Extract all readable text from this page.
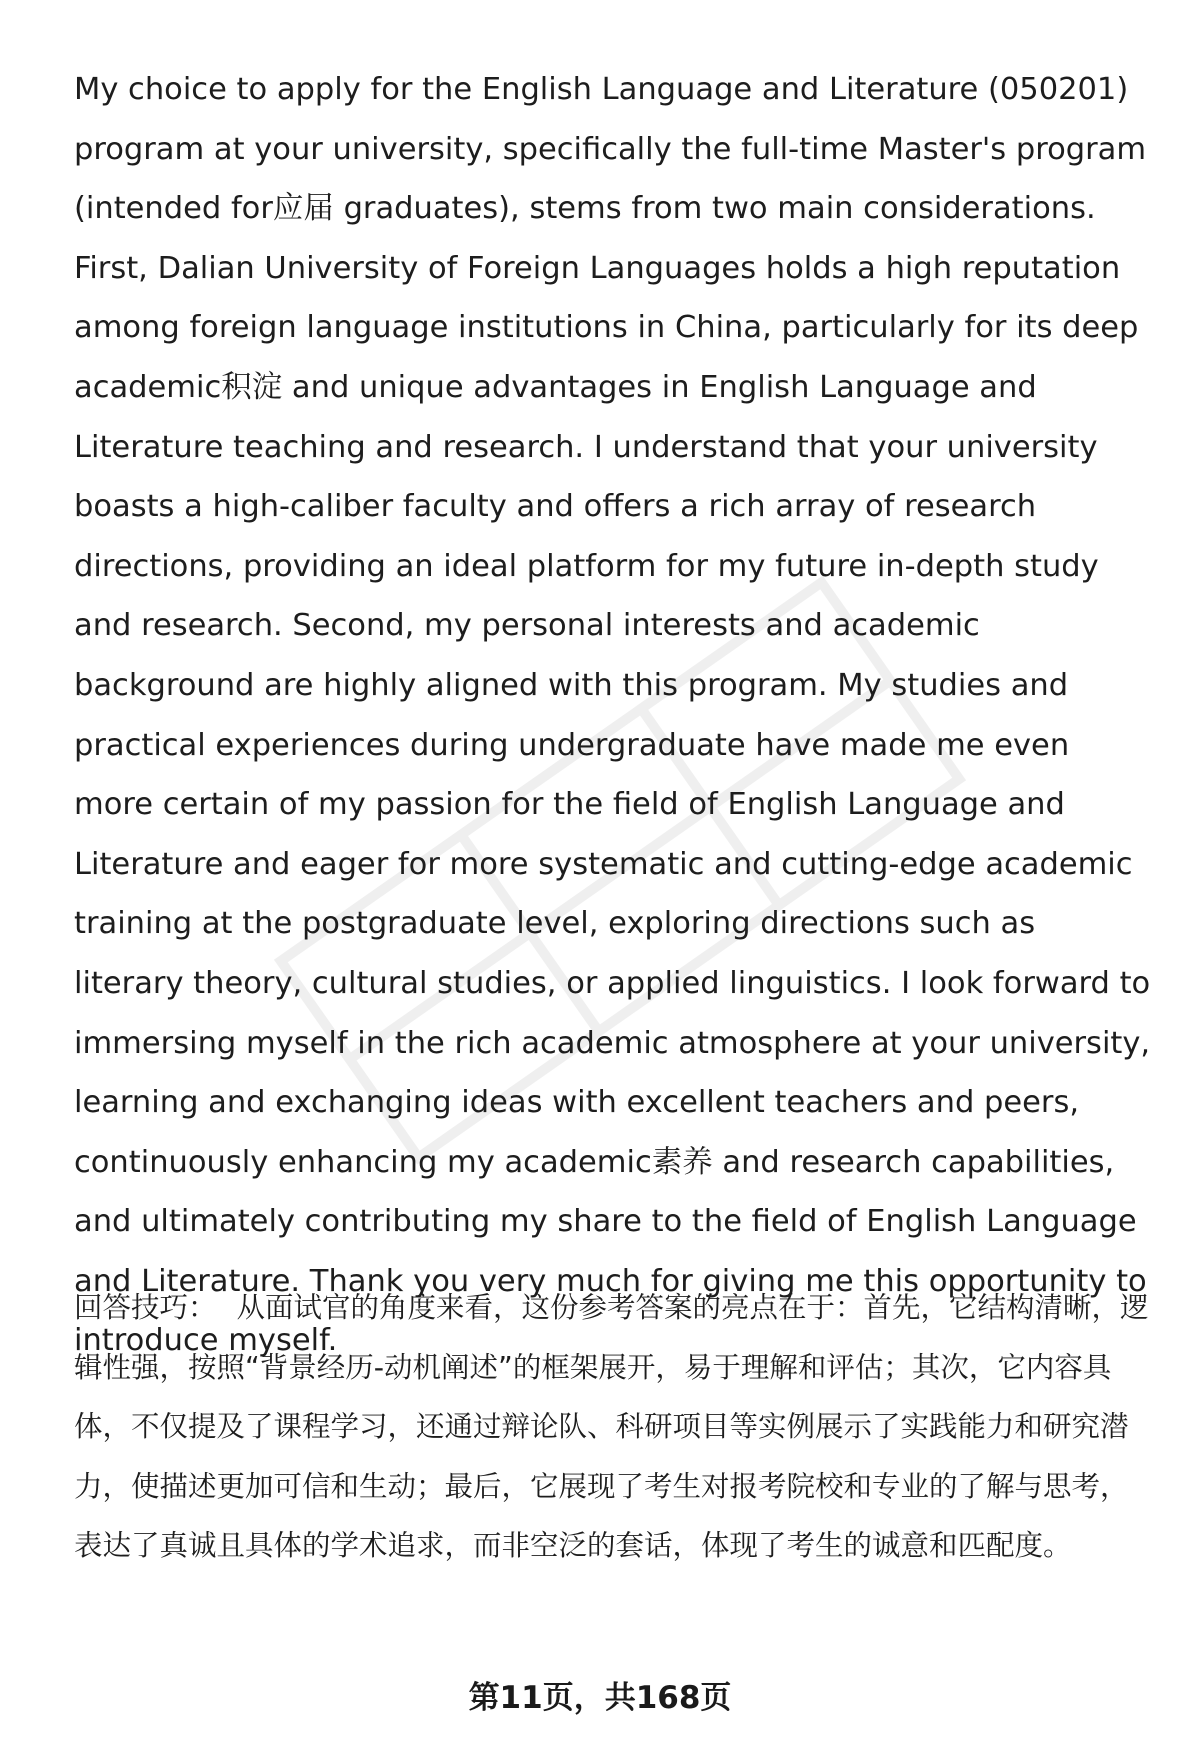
My choice to apply for the English Language and Literature (050201) program at your university, specifically the full-time Master's program (intended for应届 graduates), stems from two main considerations. First, Dalian University of Foreign Languages holds a high reputation among foreign language institutions in China, particularly for its deep academic积淀 and unique advantages in English Language and Literature teaching and research. I understand that your university boasts a high-caliber faculty and offers a rich array of research directions, providing an ideal platform for my future in-depth study and research. Second, my personal interests and academic background are highly aligned with this program. My studies and practical experiences during undergraduate have made me even more certain of my passion for the field of English Language and Literature and eager for more systematic and cutting-edge academic training at the postgraduate level, exploring directions such as literary theory, cultural studies, or applied linguistics. I look forward to immersing myself in the rich academic atmosphere at your university, learning and exchanging ideas with excellent teachers and peers, continuously enhancing my academic素养 and research capabilities, and ultimately contributing my share to the field of English Language and Literature. Thank you very much for giving me this opportunity to introduce myself.

回答技巧： 从面试官的角度来看，这份参考答案的亮点在于：首先，它结构清晰，逻辑性强，按照“背景经历-动机阐述”的框架展开，易于理解和评估；其次，它内容具体，不仅提及了课程学习，还通过辩论队、科研项目等实例展示了实践能力和研究潜力，使描述更加可信和生动；最后，它展现了考生对报考院校和专业的了解与思考，表达了真诚且具体的学术追求，而非空泛的套话，体现了考生的诚意和匹配度。

第11页，共168页
